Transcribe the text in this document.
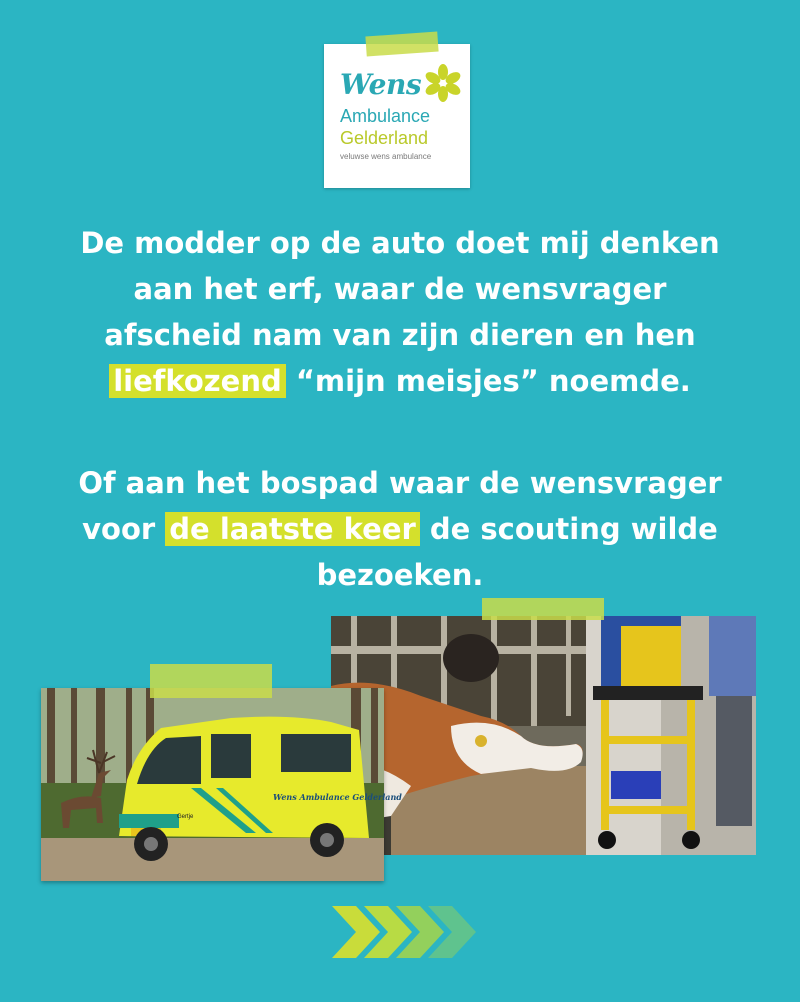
Wens
Ambulance
Gelderland
veluwse wens ambulance
De modder op de auto doet mij denken
aan het erf, waar de wensvrager
afscheid nam van zijn dieren en hen
liefkozend “mijn meisjes” noemde.
Of aan het bospad waar de wensvrager
voor de laatste keer de scouting wilde
bezoeken.
Wens Ambulance Gelderland
Gertje
